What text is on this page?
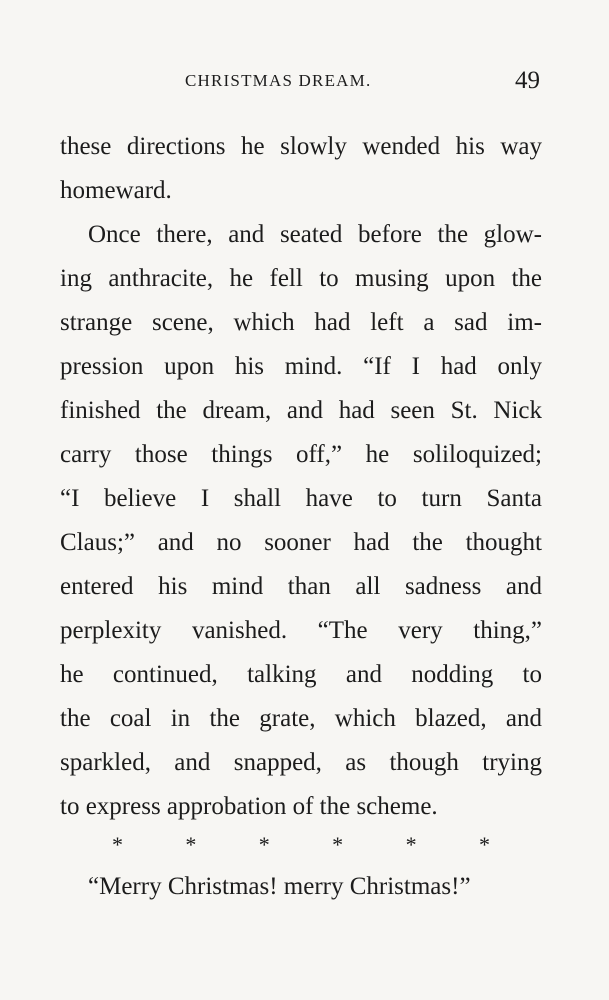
CHRISTMAS DREAM.	49
these directions he slowly wended his way
homeward.
Once there, and seated before the glow-
ing anthracite, he fell to musing upon the
strange scene, which had left a sad im-
pression upon his mind. “If I had only
finished the dream, and had seen St. Nick
carry those things off,” he soliloquized;
“I believe I shall have to turn Santa
Claus;” and no sooner had the thought
entered his mind than all sadness and
perplexity vanished. “The very thing,”
he continued, talking and nodding to
the coal in the grate, which blazed, and
sparkled, and snapped, as though trying
to express approbation of the scheme.
*	*	*	*	*	*
“Merry Christmas! merry Christmas!”
